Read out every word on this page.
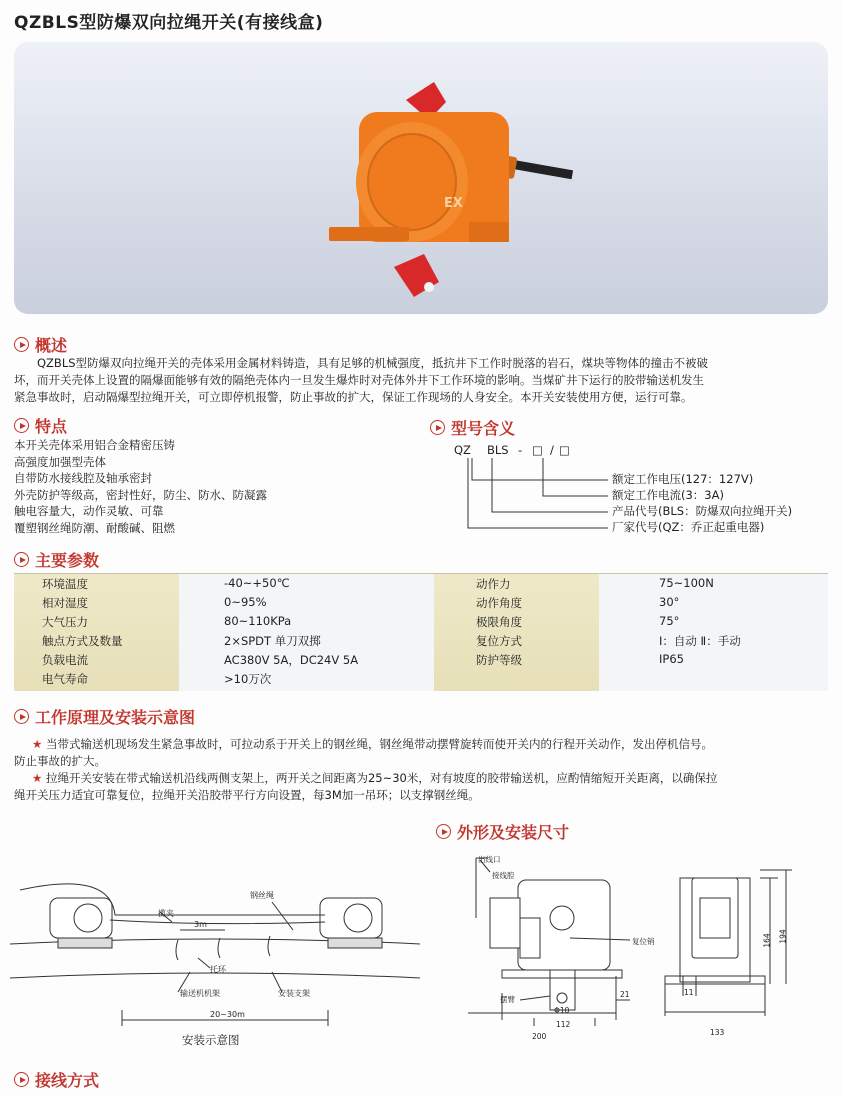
QZBLS型防爆双向拉绳开关(有接线盒)
EX
概述
QZBLS型防爆双向拉绳开关的壳体采用金属材料铸造，具有足够的机械强度，抵抗井下工作时脱落的岩石，煤块等物体的撞击不被破
坏，而开关壳体上设置的隔爆面能够有效的隔绝壳体内一旦发生爆炸时对壳体外井下工作环境的影响。当煤矿井下运行的胶带输送机发生
紧急事故时，启动隔爆型拉绳开关，可立即停机报警，防止事故的扩大，保证工作现场的人身安全。本开关安装使用方便，运行可靠。
特点
本开关壳体采用铝合金精密压铸
高强度加强型壳体
自带防水接线腔及轴承密封
外壳防护等级高，密封性好，防尘、防水、防凝露
触电容量大，动作灵敏、可靠
覆塑钢丝绳防潮、耐酸碱、阻燃
型号含义
QZ BLS - □ / □
额定工作电压(127：127V)
额定工作电流(3：3A)
产品代号(BLS：防爆双向拉绳开关)
厂家代号(QZ：乔正起重电器)
主要参数
环境温度	-40~+50℃	动作力	75~100N
相对湿度	0~95%	动作角度	30°
大气压力	80~110KPa	极限角度	75°
触点方式及数量	2×SPDT 单刀双掷	复位方式	Ⅰ：自动 Ⅱ：手动
负载电流	AC380V 5A，DC24V 5A	防护等级	IP65
电气寿命	>10万次
工作原理及安装示意图
★ 当带式输送机现场发生紧急事故时，可拉动系于开关上的钢丝绳，钢丝绳带动摆臂旋转而使开关内的行程开关动作，发出停机信号。
防止事故的扩大。
★ 拉绳开关安装在带式输送机沿线两侧支架上，两开关之间距离为25~30米，对有坡度的胶带输送机，应酌情缩短开关距离，以确保拉
绳开关压力适宜可靠复位，拉绳开关沿胶带平行方向设置，每3M加一吊环；以支撑钢丝绳。
外形及安装尺寸
揽夹
3m
钢丝绳
托环
输送机机架	安装支架
20~30m
安装示意图
出线口
接线腔
复位销
摆臂
Φ10
112
200
21
133
11
164 194
接线方式
